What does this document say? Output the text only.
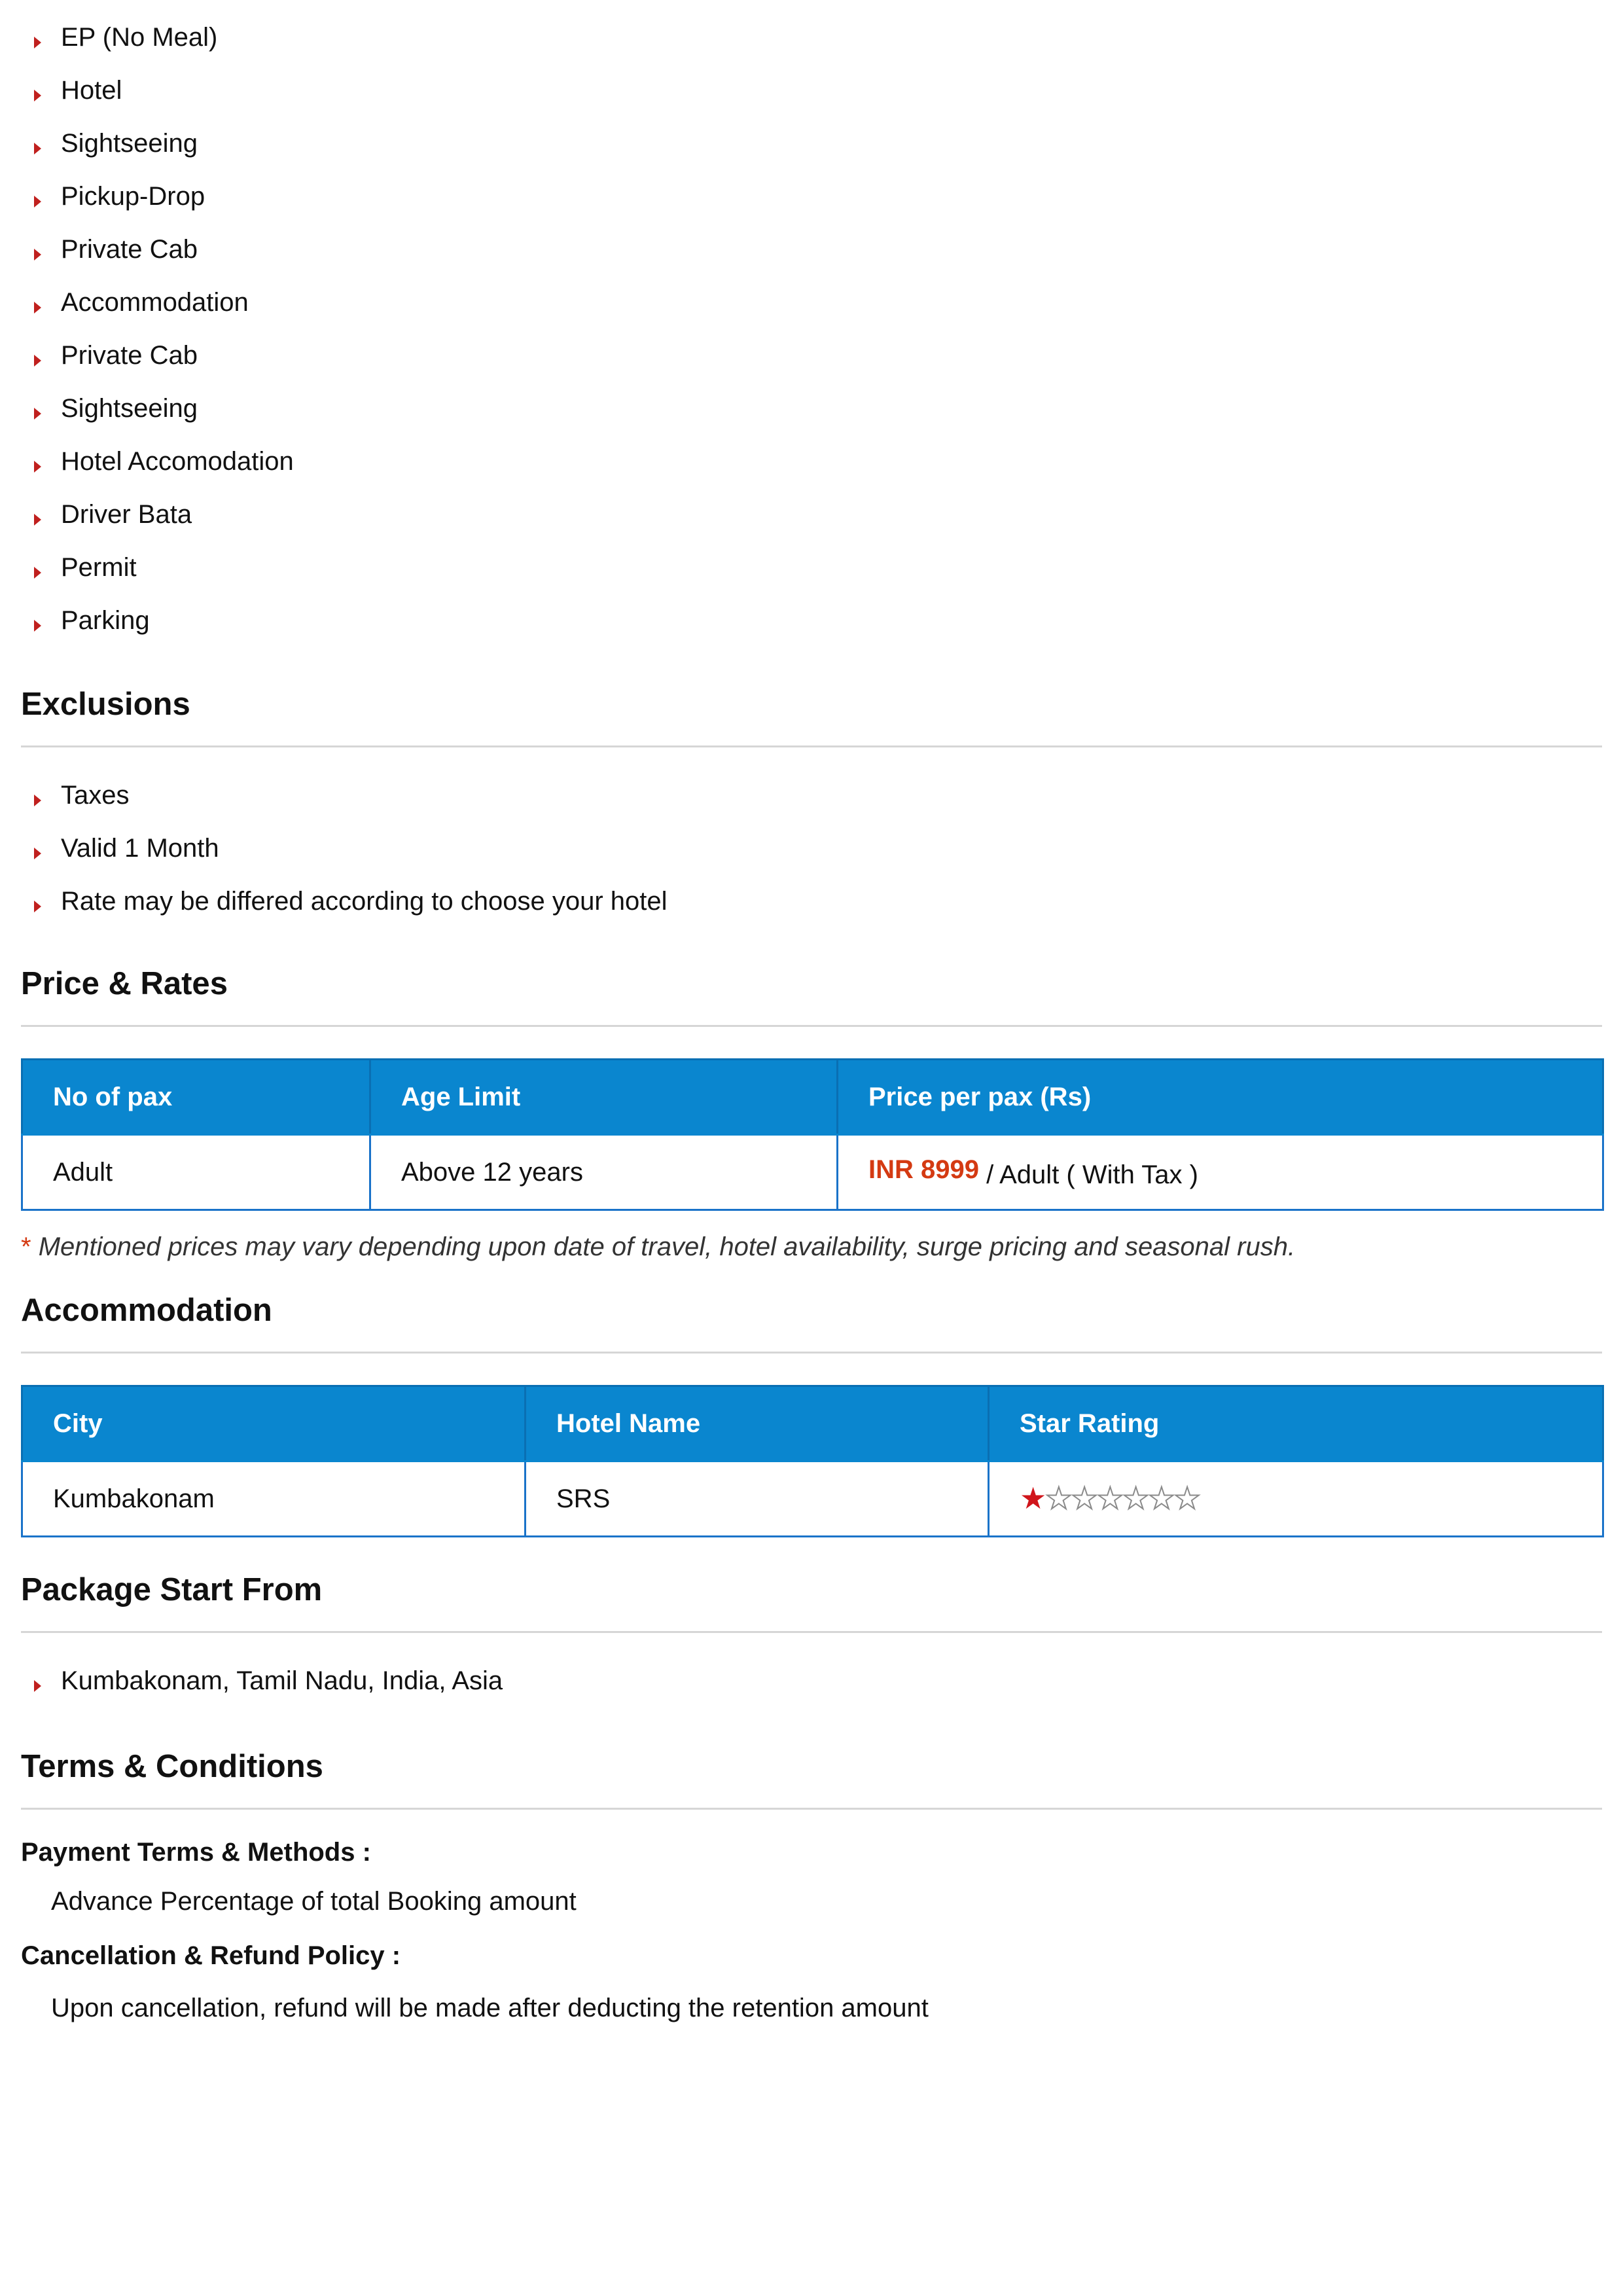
EP (No Meal)
Hotel
Sightseeing
Pickup-Drop
Private Cab
Accommodation
Private Cab
Sightseeing
Hotel Accomodation
Driver Bata
Permit
Parking
Exclusions
Taxes
Valid 1 Month
Rate may be differed according to choose your hotel
Price & Rates
No of pax	Age Limit	Price per pax (Rs)
Adult	Above 12 years	INR 8999 / Adult ( With Tax )

* Mentioned prices may vary depending upon date of travel, hotel availability, surge pricing and seasonal rush.

Accommodation
City	Hotel Name	Star Rating
Kumbakonam	SRS	★★★★★★★
Package Start From
Kumbakonam, Tamil Nadu, India, Asia
Terms & Conditions

Payment Terms & Methods :

Advance Percentage of total Booking amount

Cancellation & Refund Policy :

Upon cancellation, refund will be made after deducting the retention amount
